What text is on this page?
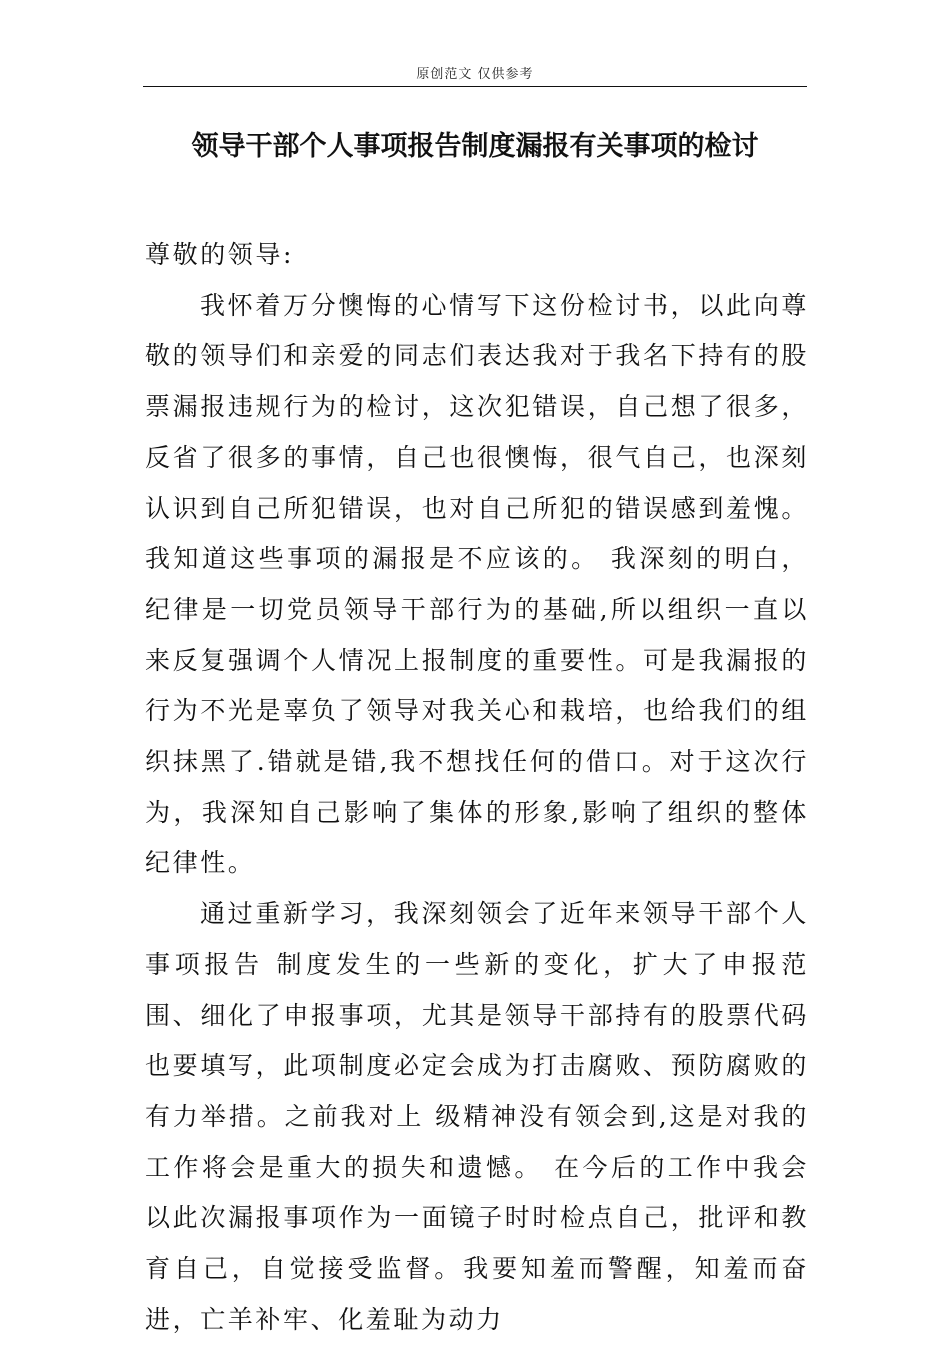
原创范文 仅供参考
领导干部个人事项报告制度漏报有关事项的检讨

尊敬的领导:

我怀着万分懊悔的心情写下这份检讨书，以此向尊敬的领导们和亲爱的同志们表达我对于我名下持有的股票漏报违规行为的检讨，这次犯错误，自己想了很多，反省了很多的事情，自己也很懊悔，很气自己，也深刻认识到自己所犯错误，也对自己所犯的错误感到羞愧。我知道这些事项的漏报是不应该的。 我深刻的明白，纪律是一切党员领导干部行为的基础,所以组织一直以来反复强调个人情况上报制度的重要性。可是我漏报的行为不光是辜负了领导对我关心和栽培，也给我们的组织抹黑了.错就是错,我不想找任何的借口。对于这次行为，我深知自己影响了集体的形象,影响了组织的整体纪律性。

通过重新学习，我深刻领会了近年来领导干部个人事项报告 制度发生的一些新的变化，扩大了申报范围、细化了申报事项，尤其是领导干部持有的股票代码也要填写，此项制度必定会成为打击腐败、预防腐败的有力举措。之前我对上 级精神没有领会到,这是对我的工作将会是重大的损失和遗憾。 在今后的工作中我会以此次漏报事项作为一面镜子时时检点自己，批评和教育自己，自觉接受监督。我要知羞而警醒，知羞而奋进，亡羊补牢、化羞耻为动力
